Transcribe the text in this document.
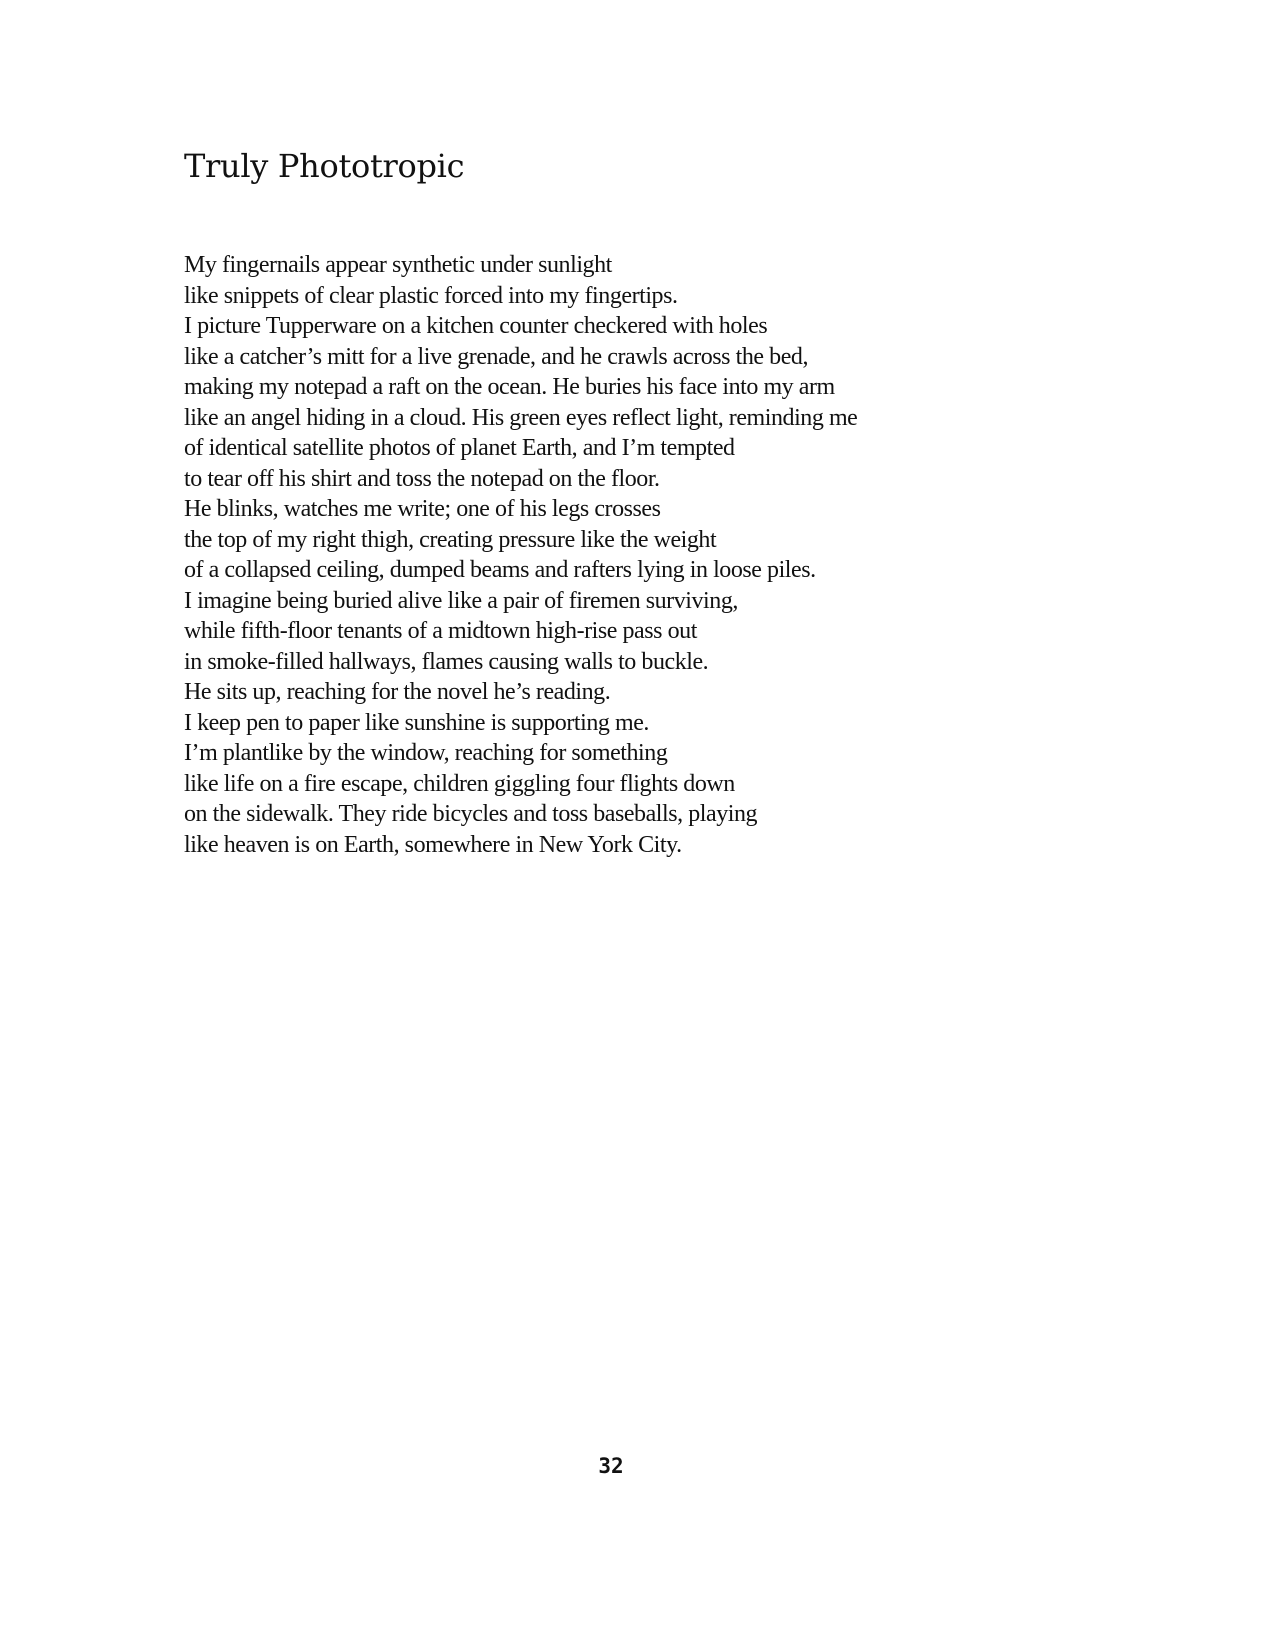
Truly Phototropic
My fingernails appear synthetic under sunlight
like snippets of clear plastic forced into my fingertips.
I picture Tupperware on a kitchen counter checkered with holes
like a catcher’s mitt for a live grenade, and he crawls across the bed,
making my notepad a raft on the ocean. He buries his face into my arm
like an angel hiding in a cloud. His green eyes reflect light, reminding me
of identical satellite photos of planet Earth, and I’m tempted
to tear off his shirt and toss the notepad on the floor.
He blinks, watches me write; one of his legs crosses
the top of my right thigh, creating pressure like the weight
of a collapsed ceiling, dumped beams and rafters lying in loose piles.
I imagine being buried alive like a pair of firemen surviving,
while fifth-floor tenants of a midtown high-rise pass out
in smoke-filled hallways, flames causing walls to buckle.
He sits up, reaching for the novel he’s reading.
I keep pen to paper like sunshine is supporting me.
I’m plantlike by the window, reaching for something
like life on a fire escape, children giggling four flights down
on the sidewalk. They ride bicycles and toss baseballs, playing
like heaven is on Earth, somewhere in New York City.
32
